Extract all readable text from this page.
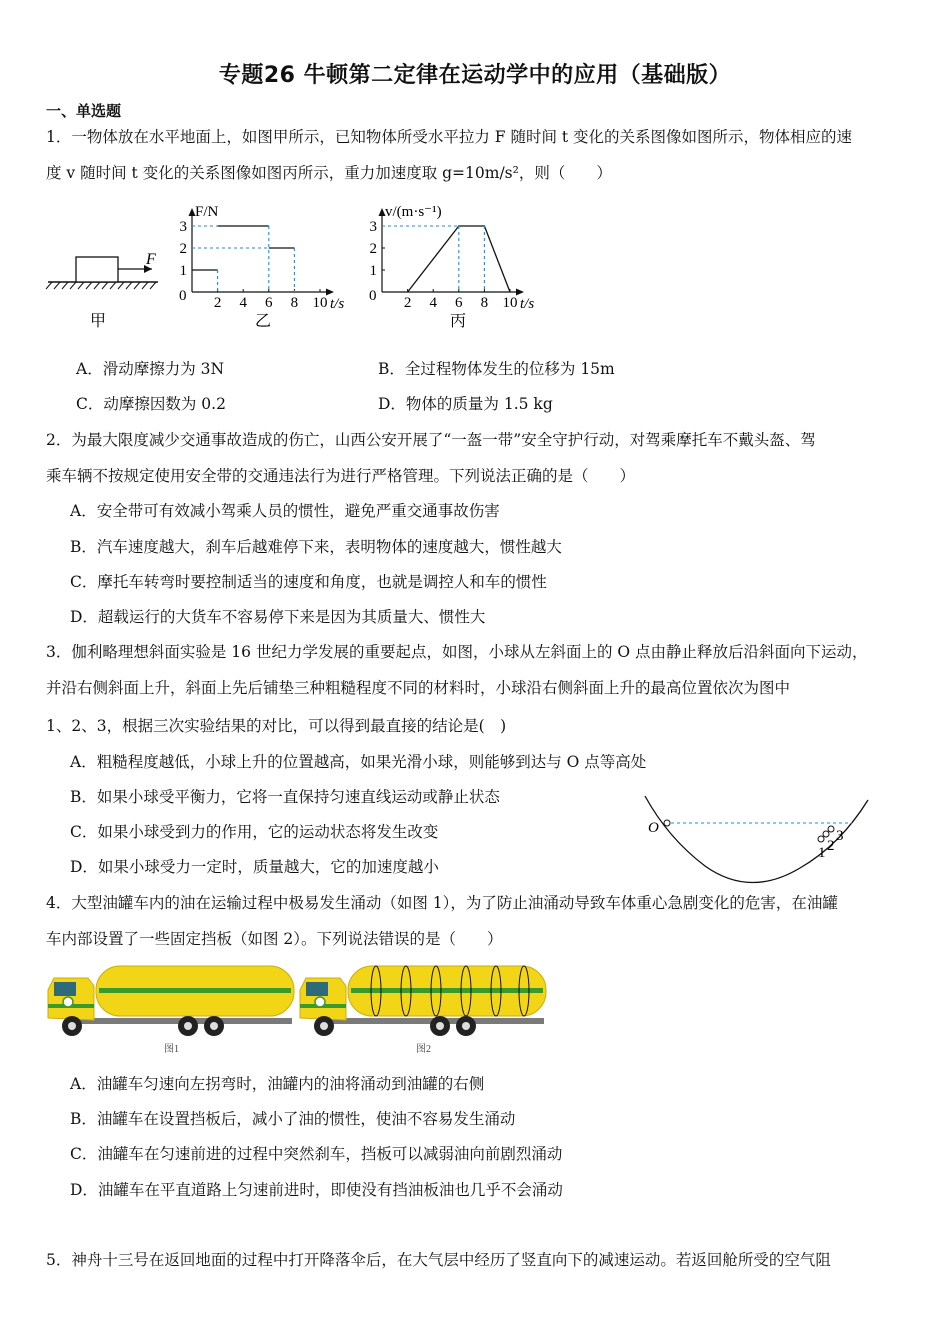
专题26 牛顿第二定律在运动学中的应用（基础版）
一、单选题
1．一物体放在水平地面上，如图甲所示，已知物体所受水平拉力 F 随时间 t 变化的关系图像如图所示，物体相应的速
度 v 随时间 t 变化的关系图像如图丙所示，重力加速度取 g=10m/s²，则（　　）
F
甲
0 2 4 6 8 10
1
2
3
t/s
F/N
乙
0 2 4 6 8 10
1
2
3
t/s
v/(m·s⁻¹)
丙
A．滑动摩擦力为 3N	B．全过程物体发生的位移为 15m
C．动摩擦因数为 0.2	D．物体的质量为 1.5 kg
2．为最大限度减少交通事故造成的伤亡，山西公安开展了“一盔一带”安全守护行动，对驾乘摩托车不戴头盔、驾
乘车辆不按规定使用安全带的交通违法行为进行严格管理。下列说法正确的是（　　）
A．安全带可有效减小驾乘人员的惯性，避免严重交通事故伤害
B．汽车速度越大，刹车后越难停下来，表明物体的速度越大，惯性越大
C．摩托车转弯时要控制适当的速度和角度，也就是调控人和车的惯性
D．超载运行的大货车不容易停下来是因为其质量大、惯性大
3．伽利略理想斜面实验是 16 世纪力学发展的重要起点，如图，小球从左斜面上的 O 点由静止释放后沿斜面向下运动，
并沿右侧斜面上升，斜面上先后铺垫三种粗糙程度不同的材料时，小球沿右侧斜面上升的最高位置依次为图中
1、2、3，根据三次实验结果的对比，可以得到最直接的结论是(　)
A．粗糙程度越低，小球上升的位置越高，如果光滑小球，则能够到达与 O 点等高处
B．如果小球受平衡力，它将一直保持匀速直线运动或静止状态
C．如果小球受到力的作用，它的运动状态将发生改变
D．如果小球受力一定时，质量越大，它的加速度越小
O
1 2
3
4．大型油罐车内的油在运输过程中极易发生涌动（如图 1），为了防止油涌动导致车体重心急剧变化的危害，在油罐
车内部设置了一些固定挡板（如图 2）。下列说法错误的是（　　）
图1	图2
A．油罐车匀速向左拐弯时，油罐内的油将涌动到油罐的右侧
B．油罐车在设置挡板后，减小了油的惯性，使油不容易发生涌动
C．油罐车在匀速前进的过程中突然刹车，挡板可以减弱油向前剧烈涌动
D．油罐车在平直道路上匀速前进时，即使没有挡油板油也几乎不会涌动
5．神舟十三号在返回地面的过程中打开降落伞后，在大气层中经历了竖直向下的减速运动。若返回舱所受的空气阻
